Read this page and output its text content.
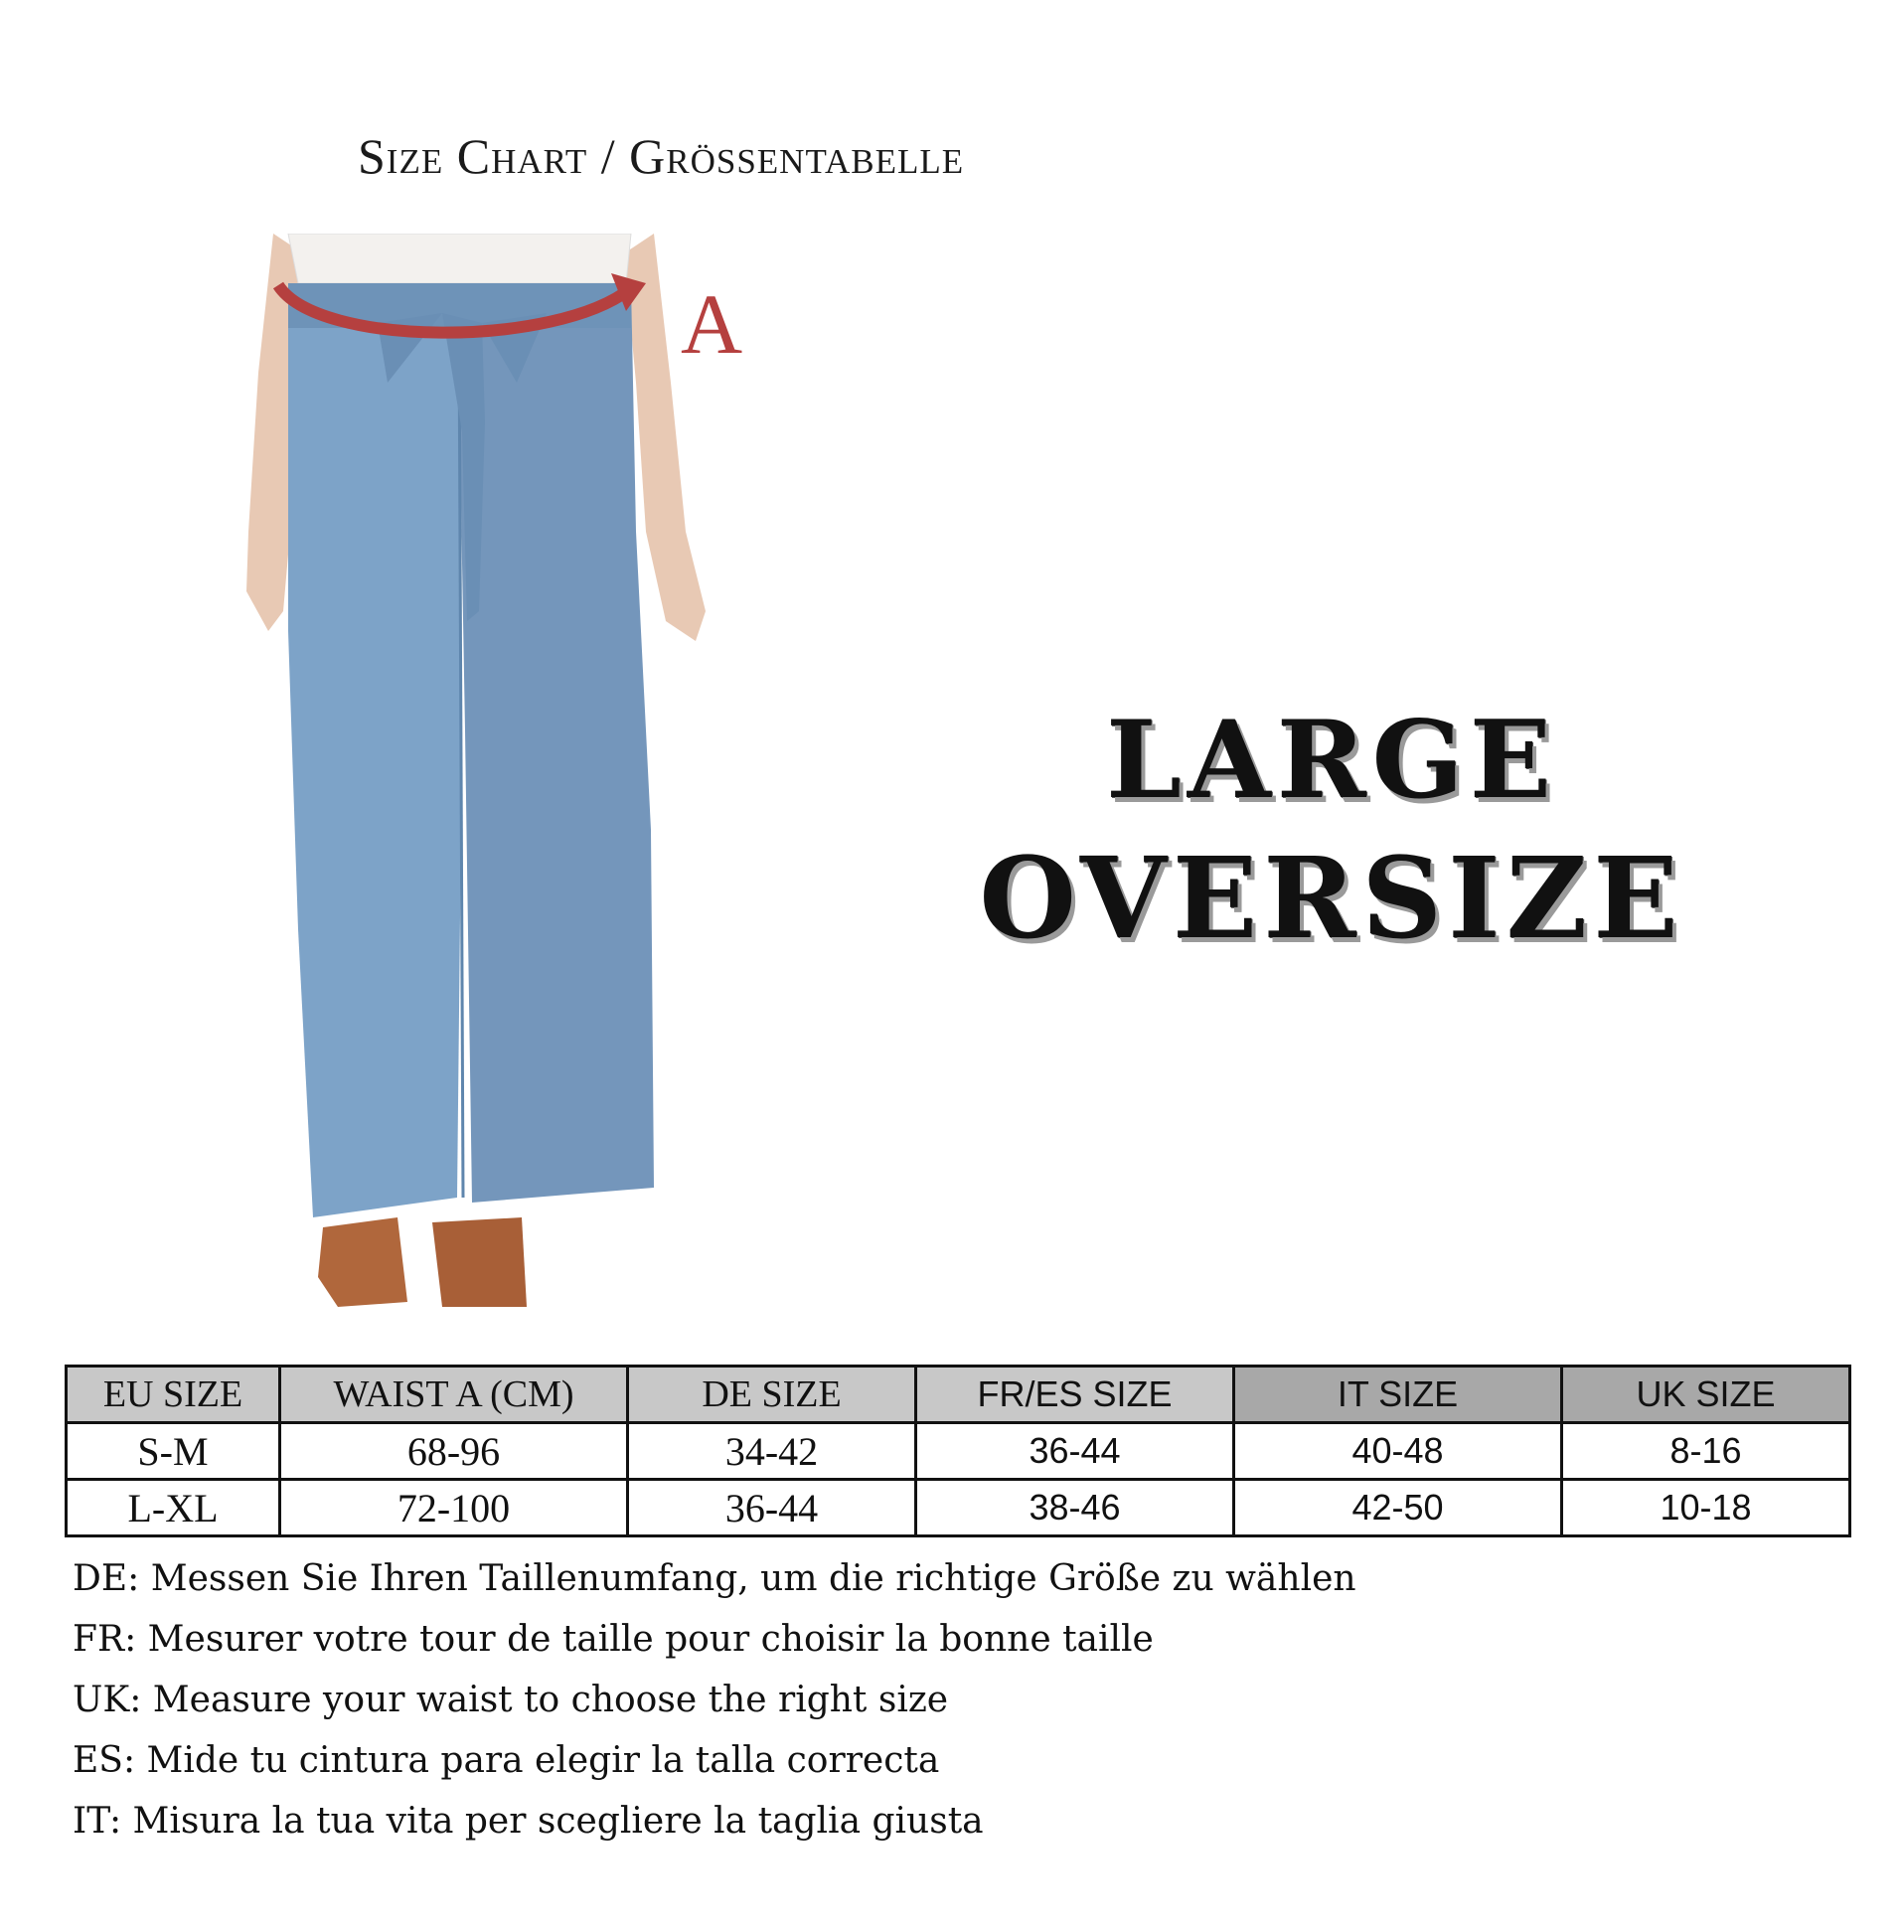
Size Chart / Grössentabelle
A
LARGE
OVERSIZE
EU SIZE	WAIST A (CM)	DE SIZE	FR/ES SIZE	IT SIZE	UK SIZE
S-M	68-96	34-42	36-44	40-48	8-16
L-XL	72-100	36-44	38-46	42-50	10-18
DE: Messen Sie Ihren Taillenumfang, um die richtige Größe zu wählen
FR: Mesurer votre tour de taille pour choisir la bonne taille
UK: Measure your waist to choose the right size
ES: Mide tu cintura para elegir la talla correcta
IT: Misura la tua vita per scegliere la taglia giusta
